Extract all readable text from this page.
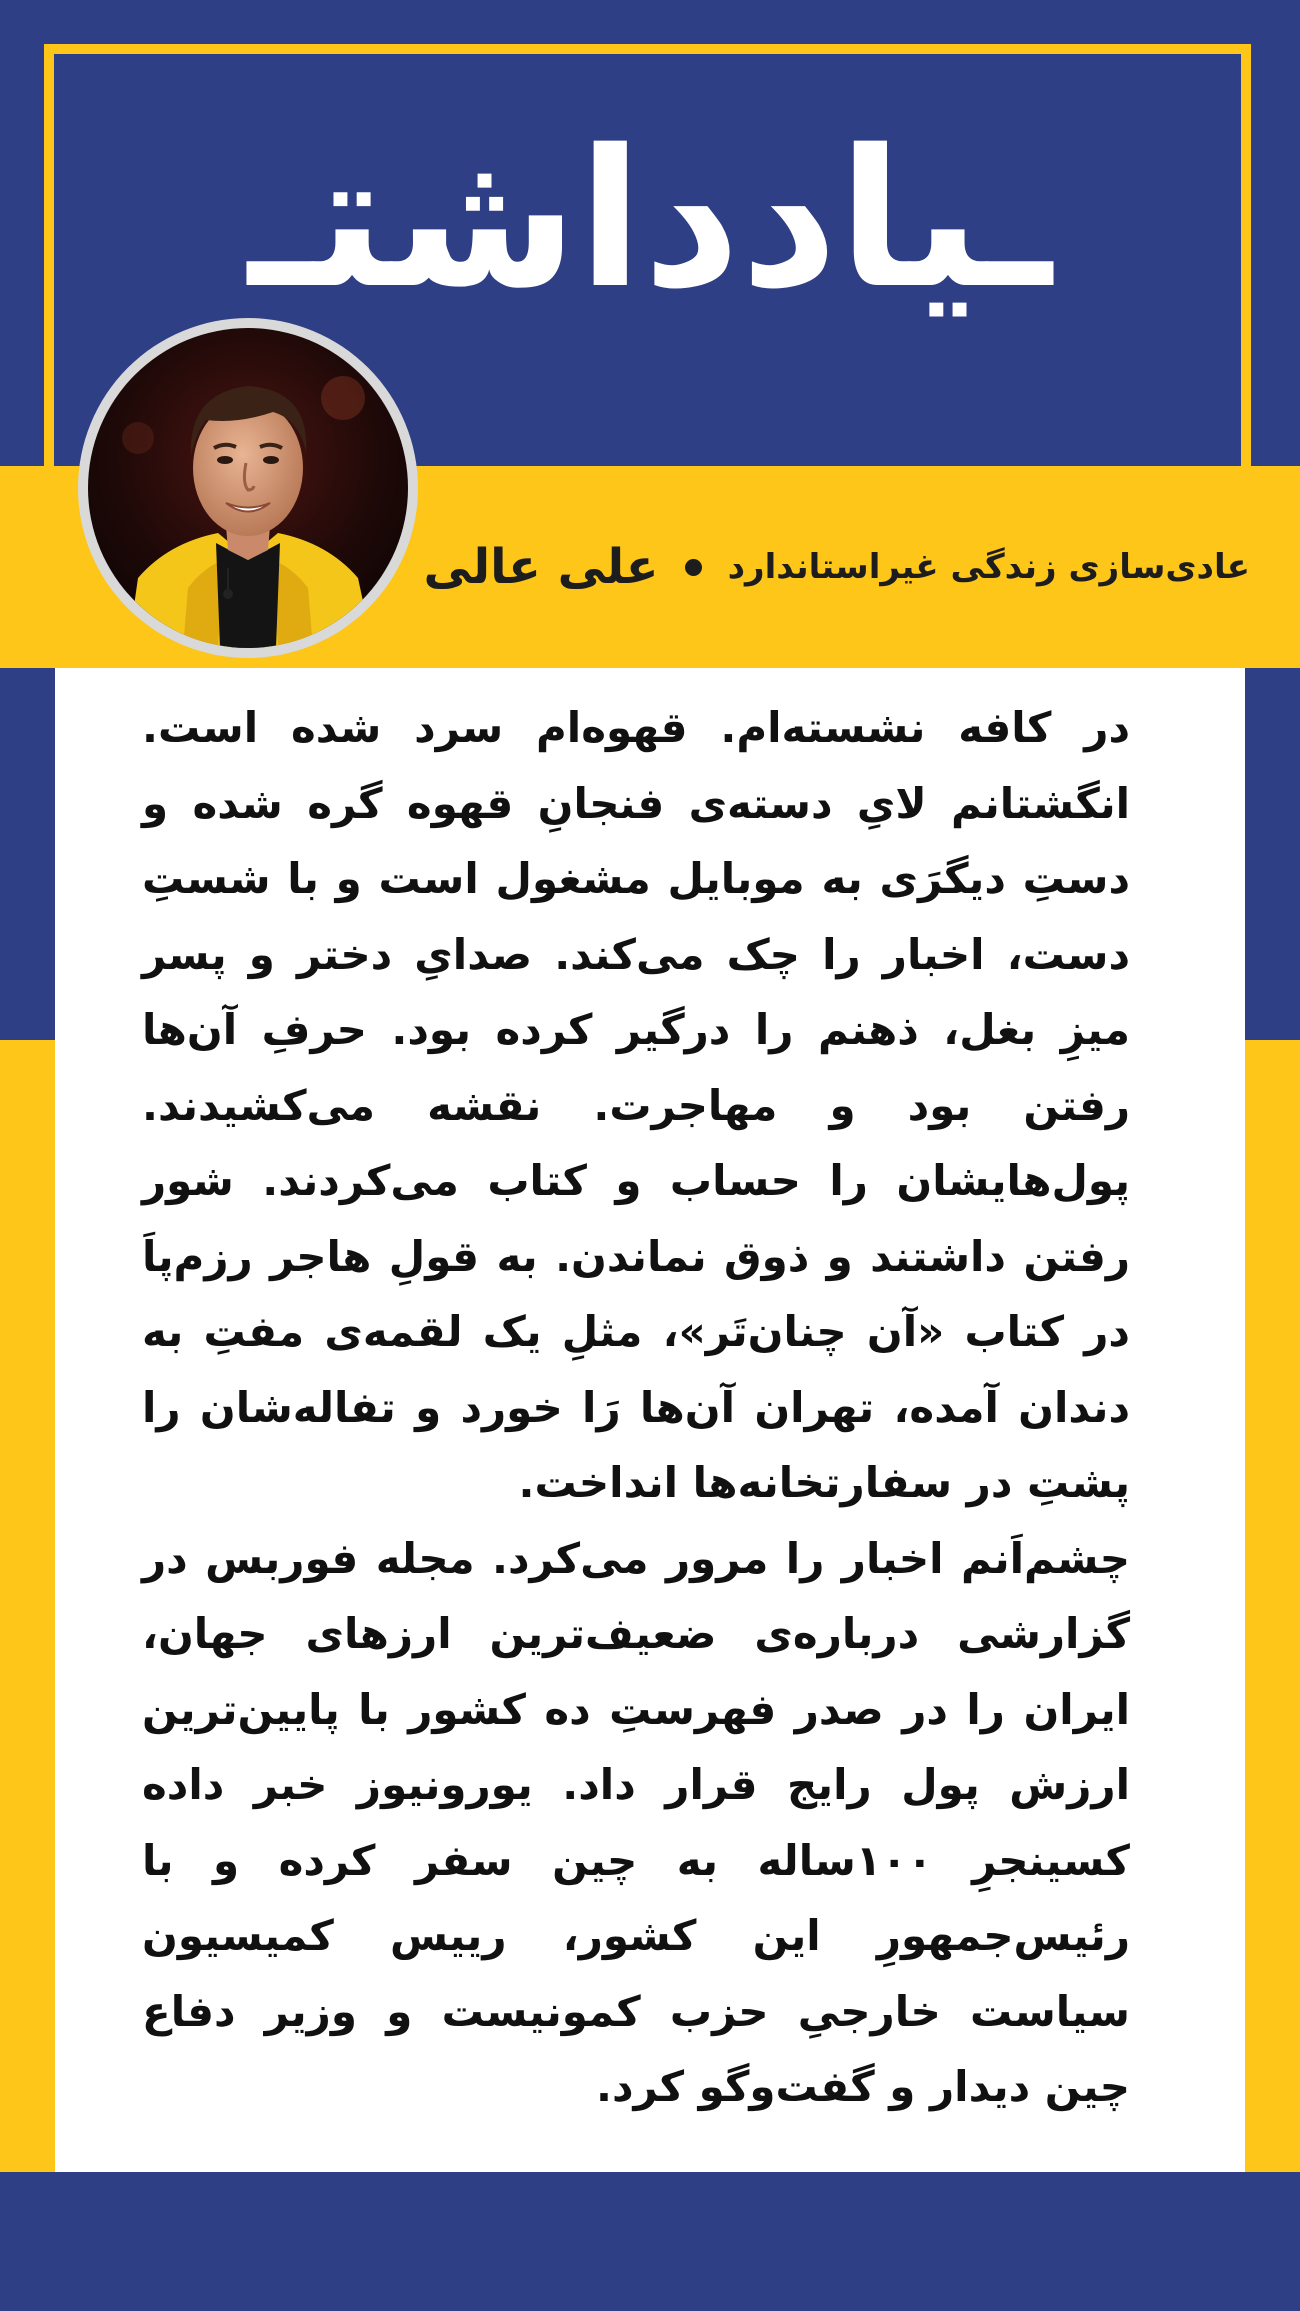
ـیادداشتـ
عادی‌سازی زندگی غیراستاندارد
علی عالی

در کافه نشسته‌ام. قهوه‌ام سرد شده است. انگشتانم لایِ دسته‌ی فنجانِ قهوه گره شده و دستِ دیگرَی به موبایل مشغول است و با شستِ دست، اخبار را چک می‌کند. صدایِ دختر و پسر میزِ بغل، ذهنم را درگیر کرده بود. حرفِ آن‌ها رفتن بود و مهاجرت. نقشه می‌کشیدند. پول‌هایشان را حساب و کتاب می‌کردند. شور رفتن داشتند و ذوق نماندن. به قولِ هاجر رزم‌پاَ در کتاب «آن چنان‌تَر»، مثلِ یک لقمه‌ی مفتِ به دندان آمده، تهران آن‌ها رَا خورد و تفاله‌شان را پشتِ در سفارتخانه‌ها انداخت.

چشم‌اَنم اخبار را مرور می‌کرد. مجله فوربس در گزارشی درباره‌ی ضعیف‌ترین ارزهای جهان، ایران را در صدر فهرستِ ده کشور با پایین‌ترین ارزش پول رایج قرار داد. یورونیوز خبر داده کسینجرِ ۱۰۰ساله به چین سفر کرده و با رئیس‌جمهورِ این کشور، رییس کمیسیون سیاست خارجیِ حزب کمونیست و وزیر دفاع چین دیدار و گفت‌وگو کرد.
